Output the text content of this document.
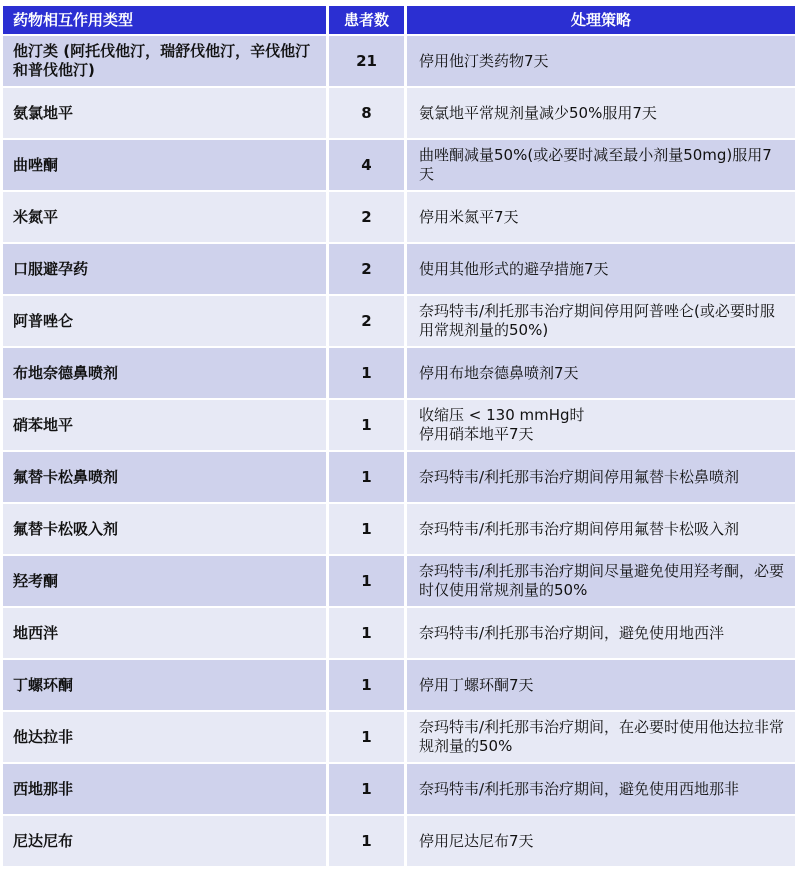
药物相互作用类型	患者数	处理策略
他汀类 (阿托伐他汀，瑞舒伐他汀，辛伐他汀和普伐他汀)	21	停用他汀类药物7天
氨氯地平	8	氨氯地平常规剂量减少50%服用7天
曲唑酮	4	曲唑酮减量50%(或必要时减至最小剂量50mg)服用7天
米氮平	2	停用米氮平7天
口服避孕药	2	使用其他形式的避孕措施7天
阿普唑仑	2	奈玛特韦/利托那韦治疗期间停用阿普唑仑(或必要时服用常规剂量的50%)
布地奈德鼻喷剂	1	停用布地奈德鼻喷剂7天
硝苯地平	1	收缩压 < 130 mmHg时
停用硝苯地平7天
氟替卡松鼻喷剂	1	奈玛特韦/利托那韦治疗期间停用氟替卡松鼻喷剂
氟替卡松吸入剂	1	奈玛特韦/利托那韦治疗期间停用氟替卡松吸入剂
羟考酮	1	奈玛特韦/利托那韦治疗期间尽量避免使用羟考酮，必要时仅使用常规剂量的50%
地西泮	1	奈玛特韦/利托那韦治疗期间，避免使用地西泮
丁螺环酮	1	停用丁螺环酮7天
他达拉非	1	奈玛特韦/利托那韦治疗期间，在必要时使用他达拉非常规剂量的50%
西地那非	1	奈玛特韦/利托那韦治疗期间，避免使用西地那非
尼达尼布	1	停用尼达尼布7天
